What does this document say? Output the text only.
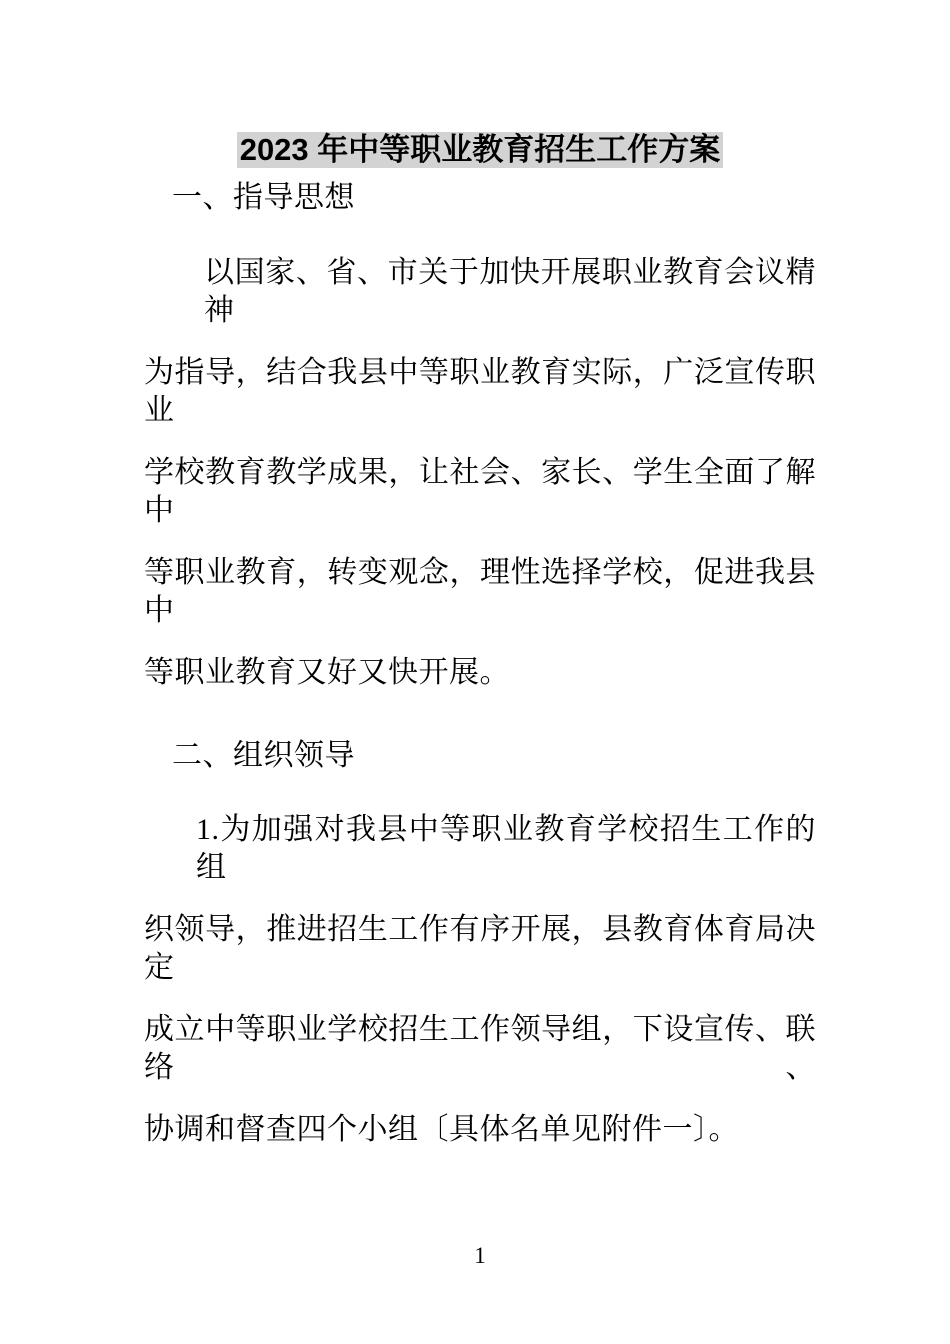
2023 年中等职业教育招生工作方案
一、指导思想
以国家、省、市关于加快开展职业教育会议精神
为指导，结合我县中等职业教育实际，广泛宣传职业
学校教育教学成果，让社会、家长、学生全面了解中
等职业教育，转变观念，理性选择学校，促进我县中
等职业教育又好又快开展。
二、组织领导
1.为加强对我县中等职业教育学校招生工作的组
织领导，推进招生工作有序开展，县教育体育局决定
成立中等职业学校招生工作领导组，下设宣传、联络、
协调和督查四个小组〔具体名单见附件一〕。
1
